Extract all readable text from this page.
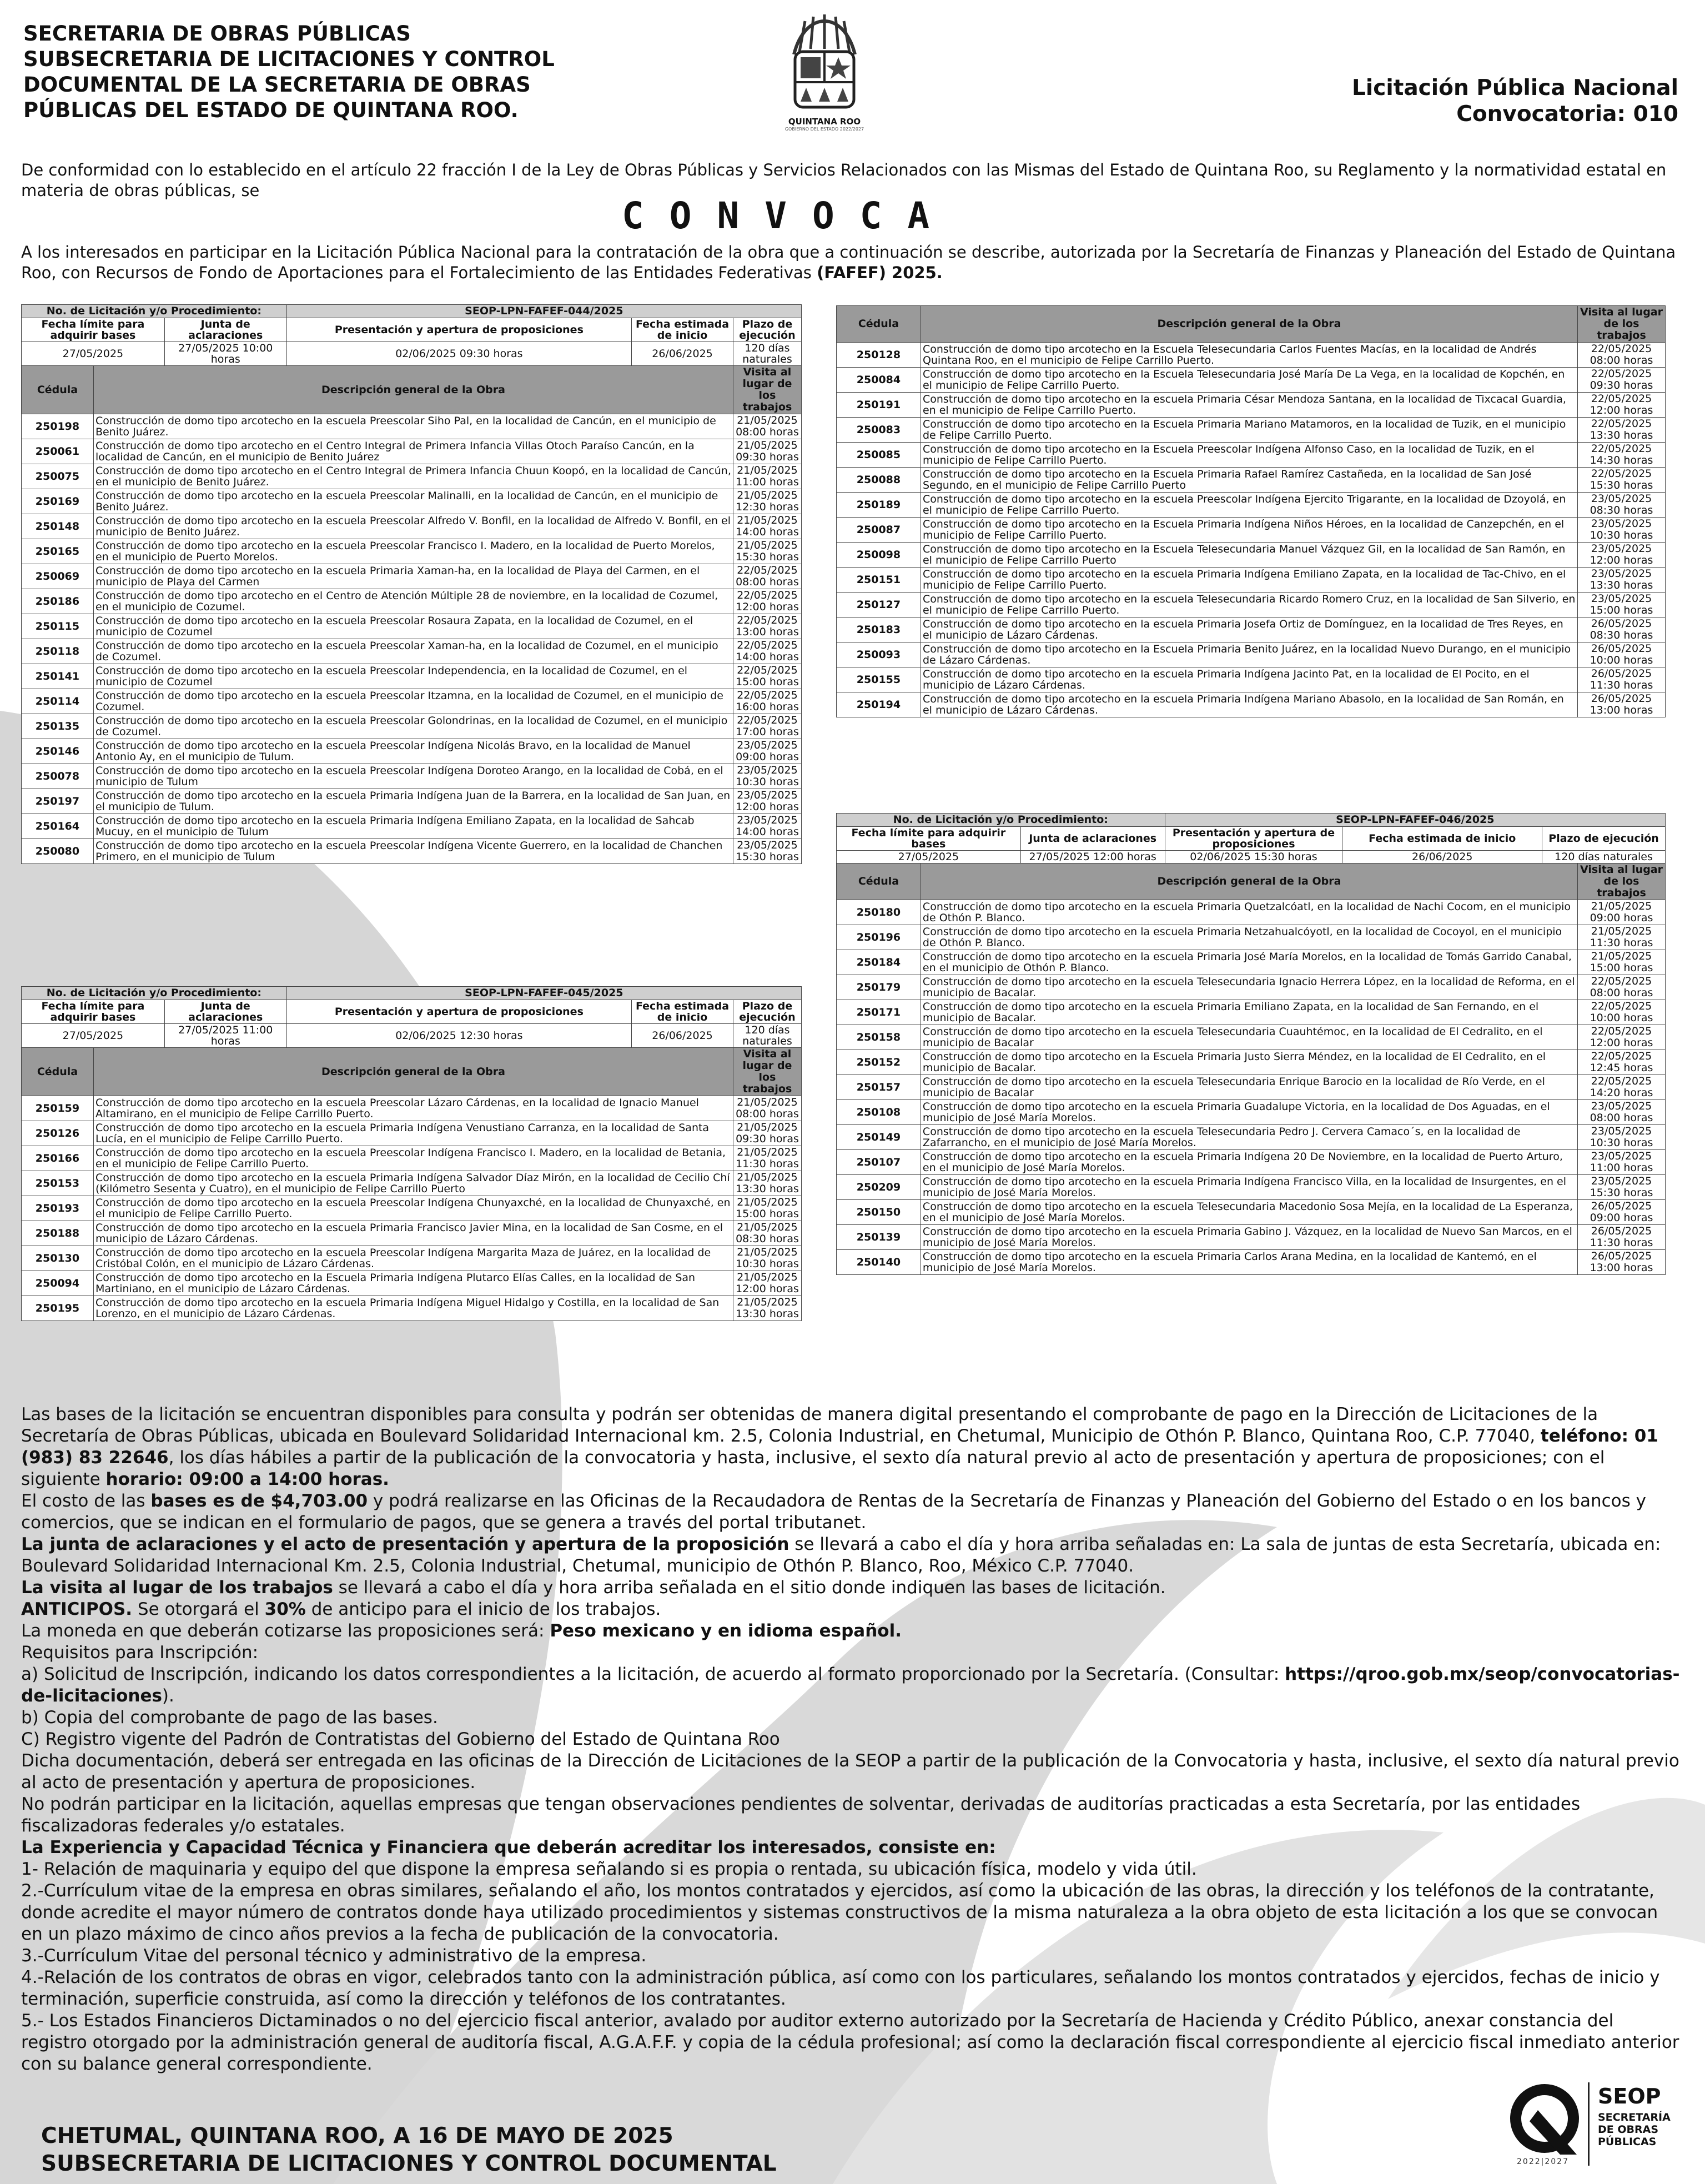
SECRETARIA DE OBRAS PÚBLICAS
SUBSECRETARIA DE LICITACIONES Y CONTROL
DOCUMENTAL DE LA SECRETARIA DE OBRAS
PÚBLICAS DEL ESTADO DE QUINTANA ROO.	QUINTANA ROO
GOBIERNO DEL ESTADO 2022/2027
Licitación Pública Nacional
Convocatoria: 010
De conformidad con lo establecido en el artículo 22 fracción I de la Ley de Obras Públicas y Servicios Relacionados con las Mismas del Estado de Quintana Roo, su Reglamento y la normatividad estatal en materia de obras públicas, se
CONVOCA
A los interesados en participar en la Licitación Pública Nacional para la contratación de la obra que a continuación se describe, autorizada por la Secretaría de Finanzas y Planeación del Estado de Quintana Roo, con Recursos de Fondo de Aportaciones para el Fortalecimiento de las Entidades Federativas (FAFEF) 2025.
No. de Licitación y/o Procedimiento:			SEOP-LPN-FAFEF-044/2025		
Fecha límite para adquirir bases		Junta de aclaraciones	Presentación y apertura de proposiciones	Fecha estimada de inicio	Plazo de ejecución
27/05/2025		27/05/2025 10:00 horas	02/06/2025 09:30 horas	26/06/2025	120 días naturales
Cédula	Descripción general de la Obra				Visita al lugar de los trabajos
250198	Construcción de domo tipo arcotecho en la escuela Preescolar Siho Pal, en la localidad de Cancún, en el municipio de Benito Juárez.				21/05/2025 08:00 horas
250061	Construcción de domo tipo arcotecho en el Centro Integral de Primera Infancia Villas Otoch Paraíso Cancún, en la localidad de Cancún, en el municipio de Benito Juárez				21/05/2025 09:30 horas
250075	Construcción de domo tipo arcotecho en el Centro Integral de Primera Infancia Chuun Koopó, en la localidad de Cancún, en el municipio de Benito Juárez.				21/05/2025 11:00 horas
250169	Construcción de domo tipo arcotecho en la escuela Preescolar Malinalli, en la localidad de Cancún, en el municipio de Benito Juárez.				21/05/2025 12:30 horas
250148	Construcción de domo tipo arcotecho en la escuela Preescolar Alfredo V. Bonfil, en la localidad de Alfredo V. Bonfil, en el municipio de Benito Juárez.				21/05/2025 14:00 horas
250165	Construcción de domo tipo arcotecho en la escuela Preescolar Francisco I. Madero, en la localidad de Puerto Morelos, en el municipio de Puerto Morelos.				21/05/2025 15:30 horas
250069	Construcción de domo tipo arcotecho en la escuela Primaria Xaman-ha, en la localidad de Playa del Carmen, en el municipio de Playa del Carmen				22/05/2025 08:00 horas
250186	Construcción de domo tipo arcotecho en el Centro de Atención Múltiple 28 de noviembre, en la localidad de Cozumel, en el municipio de Cozumel.				22/05/2025 12:00 horas
250115	Construcción de domo tipo arcotecho en la escuela Preescolar Rosaura Zapata, en la localidad de Cozumel, en el municipio de Cozumel				22/05/2025 13:00 horas
250118	Construcción de domo tipo arcotecho en la escuela Preescolar Xaman-ha, en la localidad de Cozumel, en el municipio de Cozumel.				22/05/2025 14:00 horas
250141	Construcción de domo tipo arcotecho en la escuela Preescolar Independencia, en la localidad de Cozumel, en el municipio de Cozumel				22/05/2025 15:00 horas
250114	Construcción de domo tipo arcotecho en la escuela Preescolar Itzamna, en la localidad de Cozumel, en el municipio de Cozumel.				22/05/2025 16:00 horas
250135	Construcción de domo tipo arcotecho en la escuela Preescolar Golondrinas, en la localidad de Cozumel, en el municipio de Cozumel.				22/05/2025 17:00 horas
250146	Construcción de domo tipo arcotecho en la escuela Preescolar Indígena Nicolás Bravo, en la localidad de Manuel Antonio Ay, en el municipio de Tulum.				23/05/2025 09:00 horas
250078	Construcción de domo tipo arcotecho en la escuela Preescolar Indígena Doroteo Arango, en la localidad de Cobá, en el municipio de Tulum				23/05/2025 10:30 horas
250197	Construcción de domo tipo arcotecho en la escuela Primaria Indígena Juan de la Barrera, en la localidad de San Juan, en el municipio de Tulum.				23/05/2025 12:00 horas
250164	Construcción de domo tipo arcotecho en la escuela Primaria Indígena Emiliano Zapata, en la localidad de Sahcab Mucuy, en el municipio de Tulum				23/05/2025 14:00 horas
250080	Construcción de domo tipo arcotecho en la escuela Preescolar Indígena Vicente Guerrero, en la localidad de Chanchen Primero, en el municipio de Tulum				23/05/2025 15:30 horas
No. de Licitación y/o Procedimiento:			SEOP-LPN-FAFEF-045/2025		
Fecha límite para adquirir bases		Junta de aclaraciones	Presentación y apertura de proposiciones	Fecha estimada de inicio	Plazo de ejecución
27/05/2025		27/05/2025 11:00 horas	02/06/2025 12:30 horas	26/06/2025	120 días naturales
Cédula	Descripción general de la Obra				Visita al lugar de los trabajos
250159	Construcción de domo tipo arcotecho en la escuela Preescolar Lázaro Cárdenas, en la localidad de Ignacio Manuel Altamirano, en el municipio de Felipe Carrillo Puerto.				21/05/2025 08:00 horas
250126	Construcción de domo tipo arcotecho en la escuela Primaria Indígena Venustiano Carranza, en la localidad de Santa Lucía, en el municipio de Felipe Carrillo Puerto.				21/05/2025 09:30 horas
250166	Construcción de domo tipo arcotecho en la escuela Preescolar Indígena Francisco I. Madero, en la localidad de Betania, en el municipio de Felipe Carrillo Puerto.				21/05/2025 11:30 horas
250153	Construcción de domo tipo arcotecho en la escuela Primaria Indígena Salvador Díaz Mirón, en la localidad de Cecilio Chí (Kilómetro Sesenta y Cuatro), en el municipio de Felipe Carrillo Puerto				21/05/2025 13:30 horas
250193	Construcción de domo tipo arcotecho en la escuela Preescolar Indígena Chunyaxché, en la localidad de Chunyaxché, en el municipio de Felipe Carrillo Puerto.				21/05/2025 15:00 horas
250188	Construcción de domo tipo arcotecho en la escuela Primaria Francisco Javier Mina, en la localidad de San Cosme, en el municipio de Lázaro Cárdenas.				21/05/2025 08:30 horas
250130	Construcción de domo tipo arcotecho en la escuela Preescolar Indígena Margarita Maza de Juárez, en la localidad de Cristóbal Colón, en el municipio de Lázaro Cárdenas.				21/05/2025 10:30 horas
250094	Construcción de domo tipo arcotecho en la Escuela Primaria Indígena Plutarco Elías Calles, en la localidad de San Martiniano, en el municipio de Lázaro Cárdenas.				21/05/2025 12:00 horas
250195	Construcción de domo tipo arcotecho en la escuela Primaria Indígena Miguel Hidalgo y Costilla, en la localidad de San Lorenzo, en el municipio de Lázaro Cárdenas.				21/05/2025 13:30 horas
Cédula	Descripción general de la Obra	Visita al lugar de los trabajos
250128	Construcción de domo tipo arcotecho en la Escuela Telesecundaria Carlos Fuentes Macías, en la localidad de Andrés Quintana Roo, en el municipio de Felipe Carrillo Puerto.	22/05/2025 08:00 horas
250084	Construcción de domo tipo arcotecho en la Escuela Telesecundaria José María De La Vega, en la localidad de Kopchén, en el municipio de Felipe Carrillo Puerto.	22/05/2025 09:30 horas
250191	Construcción de domo tipo arcotecho en la escuela Primaria César Mendoza Santana, en la localidad de Tixcacal Guardia, en el municipio de Felipe Carrillo Puerto.	22/05/2025 12:00 horas
250083	Construcción de domo tipo arcotecho en la Escuela Primaria Mariano Matamoros, en la localidad de Tuzik, en el municipio de Felipe Carrillo Puerto.	22/05/2025 13:30 horas
250085	Construcción de domo tipo arcotecho en la Escuela Preescolar Indígena Alfonso Caso, en la localidad de Tuzik, en el municipio de Felipe Carrillo Puerto.	22/05/2025 14:30 horas
250088	Construcción de domo tipo arcotecho en la Escuela Primaria Rafael Ramírez Castañeda, en la localidad de San José Segundo, en el municipio de Felipe Carrillo Puerto	22/05/2025 15:30 horas
250189	Construcción de domo tipo arcotecho en la escuela Preescolar Indígena Ejercito Trigarante, en la localidad de Dzoyolá, en el municipio de Felipe Carrillo Puerto.	23/05/2025 08:30 horas
250087	Construcción de domo tipo arcotecho en la Escuela Primaria Indígena Niños Héroes, en la localidad de Canzepchén, en el municipio de Felipe Carrillo Puerto.	23/05/2025 10:30 horas
250098	Construcción de domo tipo arcotecho en la Escuela Telesecundaria Manuel Vázquez Gil, en la localidad de San Ramón, en el municipio de Felipe Carrillo Puerto	23/05/2025 12:00 horas
250151	Construcción de domo tipo arcotecho en la escuela Primaria Indígena Emiliano Zapata, en la localidad de Tac-Chivo, en el municipio de Felipe Carrillo Puerto.	23/05/2025 13:30 horas
250127	Construcción de domo tipo arcotecho en la escuela Telesecundaria Ricardo Romero Cruz, en la localidad de San Silverio, en el municipio de Felipe Carrillo Puerto.	23/05/2025 15:00 horas
250183	Construcción de domo tipo arcotecho en la escuela Primaria Josefa Ortiz de Domínguez, en la localidad de Tres Reyes, en el municipio de Lázaro Cárdenas.	26/05/2025 08:30 horas
250093	Construcción de domo tipo arcotecho en la Escuela Primaria Benito Juárez, en la localidad Nuevo Durango, en el municipio de Lázaro Cárdenas.	26/05/2025 10:00 horas
250155	Construcción de domo tipo arcotecho en la escuela Primaria Indígena Jacinto Pat, en la localidad de El Pocito, en el municipio de Lázaro Cárdenas.	26/05/2025 11:30 horas
250194	Construcción de domo tipo arcotecho en la escuela Primaria Indígena Mariano Abasolo, en la localidad de San Román, en el municipio de Lázaro Cárdenas.	26/05/2025 13:00 horas
No. de Licitación y/o Procedimiento:			SEOP-LPN-FAFEF-046/2025			
Fecha límite para adquirir bases		Junta de aclaraciones	Presentación y apertura de proposiciones	Fecha estimada de inicio	Plazo de ejecución	
27/05/2025		27/05/2025 12:00 horas	02/06/2025 15:30 horas	26/06/2025	120 días naturales	
Cédula	Descripción general de la Obra					Visita al lugar de los trabajos
250180	Construcción de domo tipo arcotecho en la escuela Primaria Quetzalcóatl, en la localidad de Nachi Cocom, en el municipio de Othón P. Blanco.					21/05/2025 09:00 horas
250196	Construcción de domo tipo arcotecho en la escuela Primaria Netzahualcóyotl, en la localidad de Cocoyol, en el municipio de Othón P. Blanco.					21/05/2025 11:30 horas
250184	Construcción de domo tipo arcotecho en la escuela Primaria José María Morelos, en la localidad de Tomás Garrido Canabal, en el municipio de Othón P. Blanco.					21/05/2025 15:00 horas
250179	Construcción de domo tipo arcotecho en la escuela Telesecundaria Ignacio Herrera López, en la localidad de Reforma, en el municipio de Bacalar.					22/05/2025 08:00 horas
250171	Construcción de domo tipo arcotecho en la escuela Primaria Emiliano Zapata, en la localidad de San Fernando, en el municipio de Bacalar.					22/05/2025 10:00 horas
250158	Construcción de domo tipo arcotecho en la escuela Telesecundaria Cuauhtémoc, en la localidad de El Cedralito, en el municipio de Bacalar					22/05/2025 12:00 horas
250152	Construcción de domo tipo arcotecho en la Escuela Primaria Justo Sierra Méndez, en la localidad de El Cedralito, en el municipio de Bacalar.					22/05/2025 12:45 horas
250157	Construcción de domo tipo arcotecho en la escuela Telesecundaria Enrique Barocio en la localidad de Río Verde, en el municipio de Bacalar					22/05/2025 14:20 horas
250108	Construcción de domo tipo arcotecho en la escuela Primaria Guadalupe Victoria, en la localidad de Dos Aguadas, en el municipio de José María Morelos.					23/05/2025 08:00 horas
250149	Construcción de domo tipo arcotecho en la escuela Telesecundaria Pedro J. Cervera Camaco´s, en la localidad de Zafarrancho, en el municipio de José María Morelos.					23/05/2025 10:30 horas
250107	Construcción de domo tipo arcotecho en la escuela Primaria Indígena 20 De Noviembre, en la localidad de Puerto Arturo, en el municipio de José María Morelos.					23/05/2025 11:00 horas
250209	Construcción de domo tipo arcotecho en la escuela Primaria Indígena Francisco Villa, en la localidad de Insurgentes, en el municipio de José María Morelos.					23/05/2025 15:30 horas
250150	Construcción de domo tipo arcotecho en la escuela Telesecundaria Macedonio Sosa Mejía, en la localidad de La Esperanza, en el municipio de José María Morelos.					26/05/2025 09:00 horas
250139	Construcción de domo tipo arcotecho en la escuela Primaria Gabino J. Vázquez, en la localidad de Nuevo San Marcos, en el municipio de José María Morelos.					26/05/2025 11:30 horas
250140	Construcción de domo tipo arcotecho en la escuela Primaria Carlos Arana Medina, en la localidad de Kantemó, en el municipio de José María Morelos.					26/05/2025 13:00 horas

Las bases de la licitación se encuentran disponibles para consulta y podrán ser obtenidas de manera digital presentando el comprobante de pago en la Dirección de Licitaciones de la Secretaría de Obras Públicas, ubicada en Boulevard Solidaridad Internacional km. 2.5, Colonia Industrial, en Chetumal, Municipio de Othón P. Blanco, Quintana Roo, C.P. 77040, teléfono: 01 (983) 83 22646, los días hábiles a partir de la publicación de la convocatoria y hasta, inclusive, el sexto día natural previo al acto de presentación y apertura de proposiciones; con el siguiente horario: 09:00 a 14:00 horas.

El costo de las bases es de $4,703.00 y podrá realizarse en las Oficinas de la Recaudadora de Rentas de la Secretaría de Finanzas y Planeación del Gobierno del Estado o en los bancos y comercios, que se indican en el formulario de pagos, que se genera a través del portal tributanet.

La junta de aclaraciones y el acto de presentación y apertura de la proposición se llevará a cabo el día y hora arriba señaladas en: La sala de juntas de esta Secretaría, ubicada en: Boulevard Solidaridad Internacional Km. 2.5, Colonia Industrial, Chetumal, municipio de Othón P. Blanco, Roo, México C.P. 77040.

La visita al lugar de los trabajos se llevará a cabo el día y hora arriba señalada en el sitio donde indiquen las bases de licitación.

ANTICIPOS. Se otorgará el 30% de anticipo para el inicio de los trabajos.

La moneda en que deberán cotizarse las proposiciones será: Peso mexicano y en idioma español.

Requisitos para Inscripción:

a) Solicitud de Inscripción, indicando los datos correspondientes a la licitación, de acuerdo al formato proporcionado por la Secretaría. (Consultar: https://qroo.gob.mx/seop/convocatorias-de-licitaciones).

b) Copia del comprobante de pago de las bases.

C) Registro vigente del Padrón de Contratistas del Gobierno del Estado de Quintana Roo

Dicha documentación, deberá ser entregada en las oficinas de la Dirección de Licitaciones de la SEOP a partir de la publicación de la Convocatoria y hasta, inclusive, el sexto día natural previo al acto de presentación y apertura de proposiciones.

No podrán participar en la licitación, aquellas empresas que tengan observaciones pendientes de solventar, derivadas de auditorías practicadas a esta Secretaría, por las entidades fiscalizadoras federales y/o estatales.

La Experiencia y Capacidad Técnica y Financiera que deberán acreditar los interesados, consiste en:

1- Relación de maquinaria y equipo del que dispone la empresa señalando si es propia o rentada, su ubicación física, modelo y vida útil.

2.-Currículum vitae de la empresa en obras similares, señalando el año, los montos contratados y ejercidos, así como la ubicación de las obras, la dirección y los teléfonos de la contratante, donde acredite el mayor número de contratos donde haya utilizado procedimientos y sistemas constructivos de la misma naturaleza a la obra objeto de esta licitación a los que se convocan en un plazo máximo de cinco años previos a la fecha de publicación de la convocatoria.

3.-Currículum Vitae del personal técnico y administrativo de la empresa.

4.-Relación de los contratos de obras en vigor, celebrados tanto con la administración pública, así como con los particulares, señalando los montos contratados y ejercidos, fechas de inicio y terminación, superficie construida, así como la dirección y teléfonos de los contratantes.

5.- Los Estados Financieros Dictaminados o no del ejercicio fiscal anterior, avalado por auditor externo autorizado por la Secretaría de Hacienda y Crédito Público, anexar constancia del registro otorgado por la administración general de auditoría fiscal, A.G.A.F.F. y copia de la cédula profesional; así como la declaración fiscal correspondiente al ejercicio fiscal inmediato anterior con su balance general correspondiente.

CHETUMAL, QUINTANA ROO, A 16 DE MAYO DE 2025
SUBSECRETARIA DE LICITACIONES Y CONTROL DOCUMENTAL	2022|2027
SEOP
SECRETARÍA
DE OBRAS
PÚBLICAS
